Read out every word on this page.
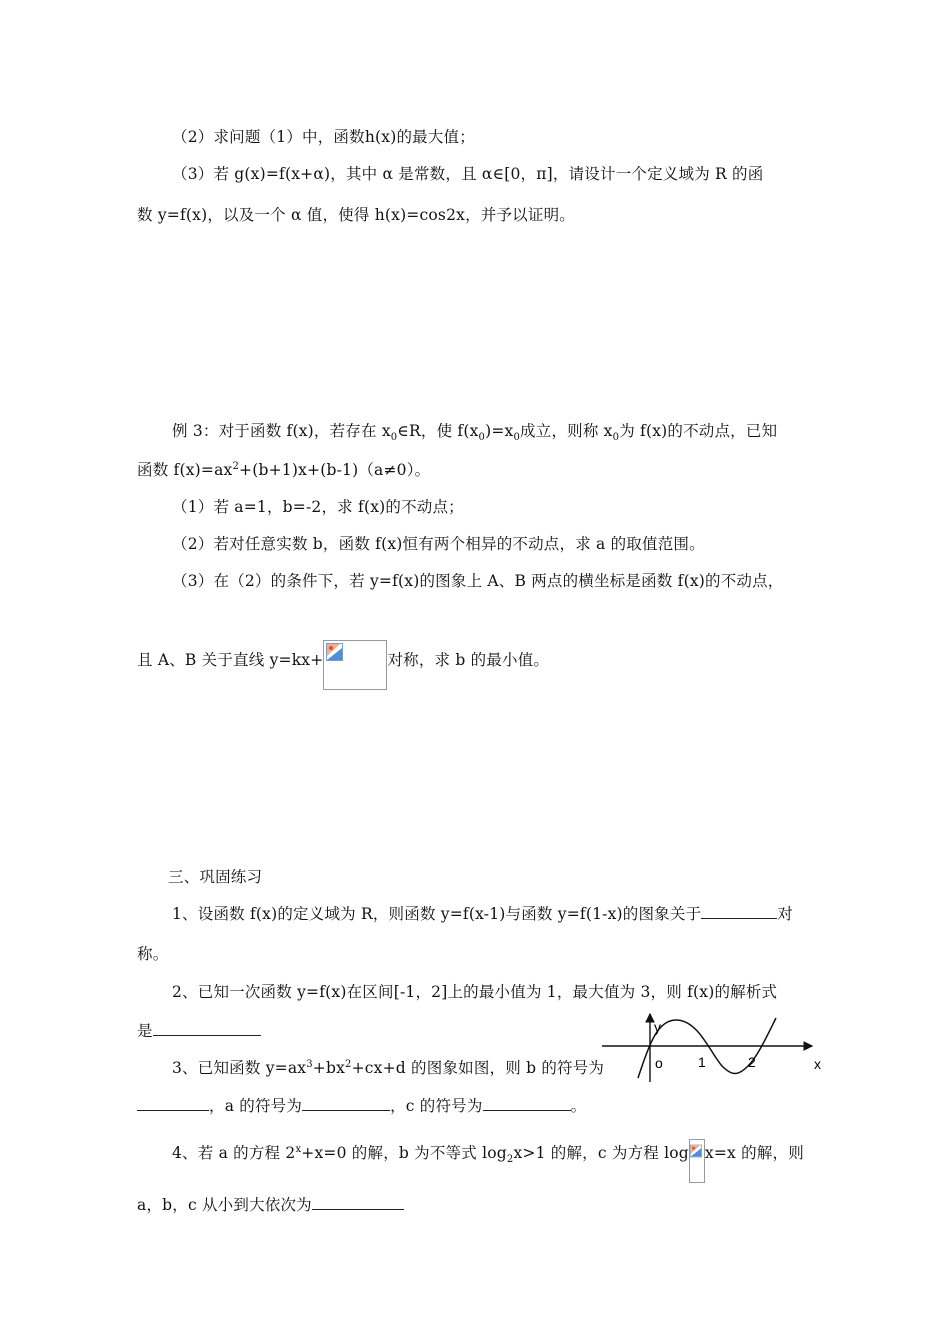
（2）求问题（1）中，函数h(x)的最大值；
（3）若 g(x)=f(x+α)，其中 α 是常数，且 α∈[0，π]，请设计一个定义域为 R 的函
数 y=f(x)，以及一个 α 值，使得 h(x)=cos2x，并予以证明。
例 3：对于函数 f(x)，若存在 $x_0\in R$，使 $f(x_0)=x_0$成立，则称 $x_0$为 f(x)的不动点，已知
函数 $f(x)=ax^2+(b+1)x+(b-1)(a\ne 0)$。
（1）若 a=1，b=-2，求 f(x)的不动点；
（2）若对任意实数 b，函数 f(x)恒有两个相异的不动点，求 a 的取值范围。
（3）在（2）的条件下，若 y=f(x)的图象上 A、B 两点的横坐标是函数 f(x)的不动点，
且 A、B 关于直线 y=kx+	对称，求 b 的最小值。
三、巩固练习
1、设函数 f(x)的定义域为 R，则函数 y=f(x-1)与函数 y=f(1-x)的图象关于	对
称。
2、已知一次函数 y=f(x)在区间[-1，2]上的最小值为 1，最大值为 3，则 f(x)的解析式
是
3、已知函数 $y=ax^3+bx^2+cx+d$ 的图象如图，则 b 的符号为
，a 的符号为	，c 的符号为	。
y
o	1	2	x
4、若 a 的方程 $2^x+x=0$ 的解，b 为不等式 $\log_2x>1$ 的解，c 为方程 log x=x 的解，则
a，b，c 从小到大依次为
